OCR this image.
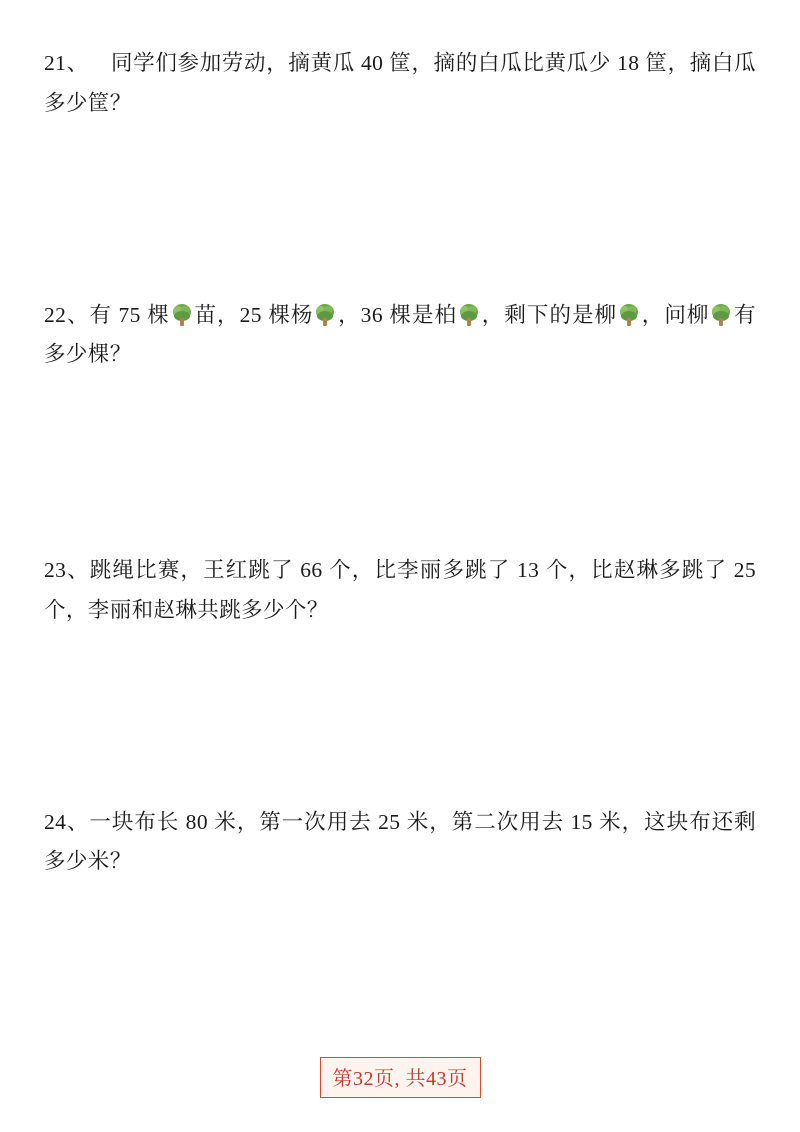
21、 同学们参加劳动，摘黄瓜 40 筐，摘的白瓜比黄瓜少 18 筐，摘白瓜多少筐？

22、有 75 棵 苗，25 棵杨 ，36 棵是柏 ，剩下的是柳 ，问柳 有多少棵？

23、跳绳比赛，王红跳了 66 个，比李丽多跳了 13 个，比赵琳多跳了 25 个，李丽和赵琳共跳多少个？

24、一块布长 80 米，第一次用去 25 米，第二次用去 15 米，这块布还剩多少米？

第32页, 共43页
